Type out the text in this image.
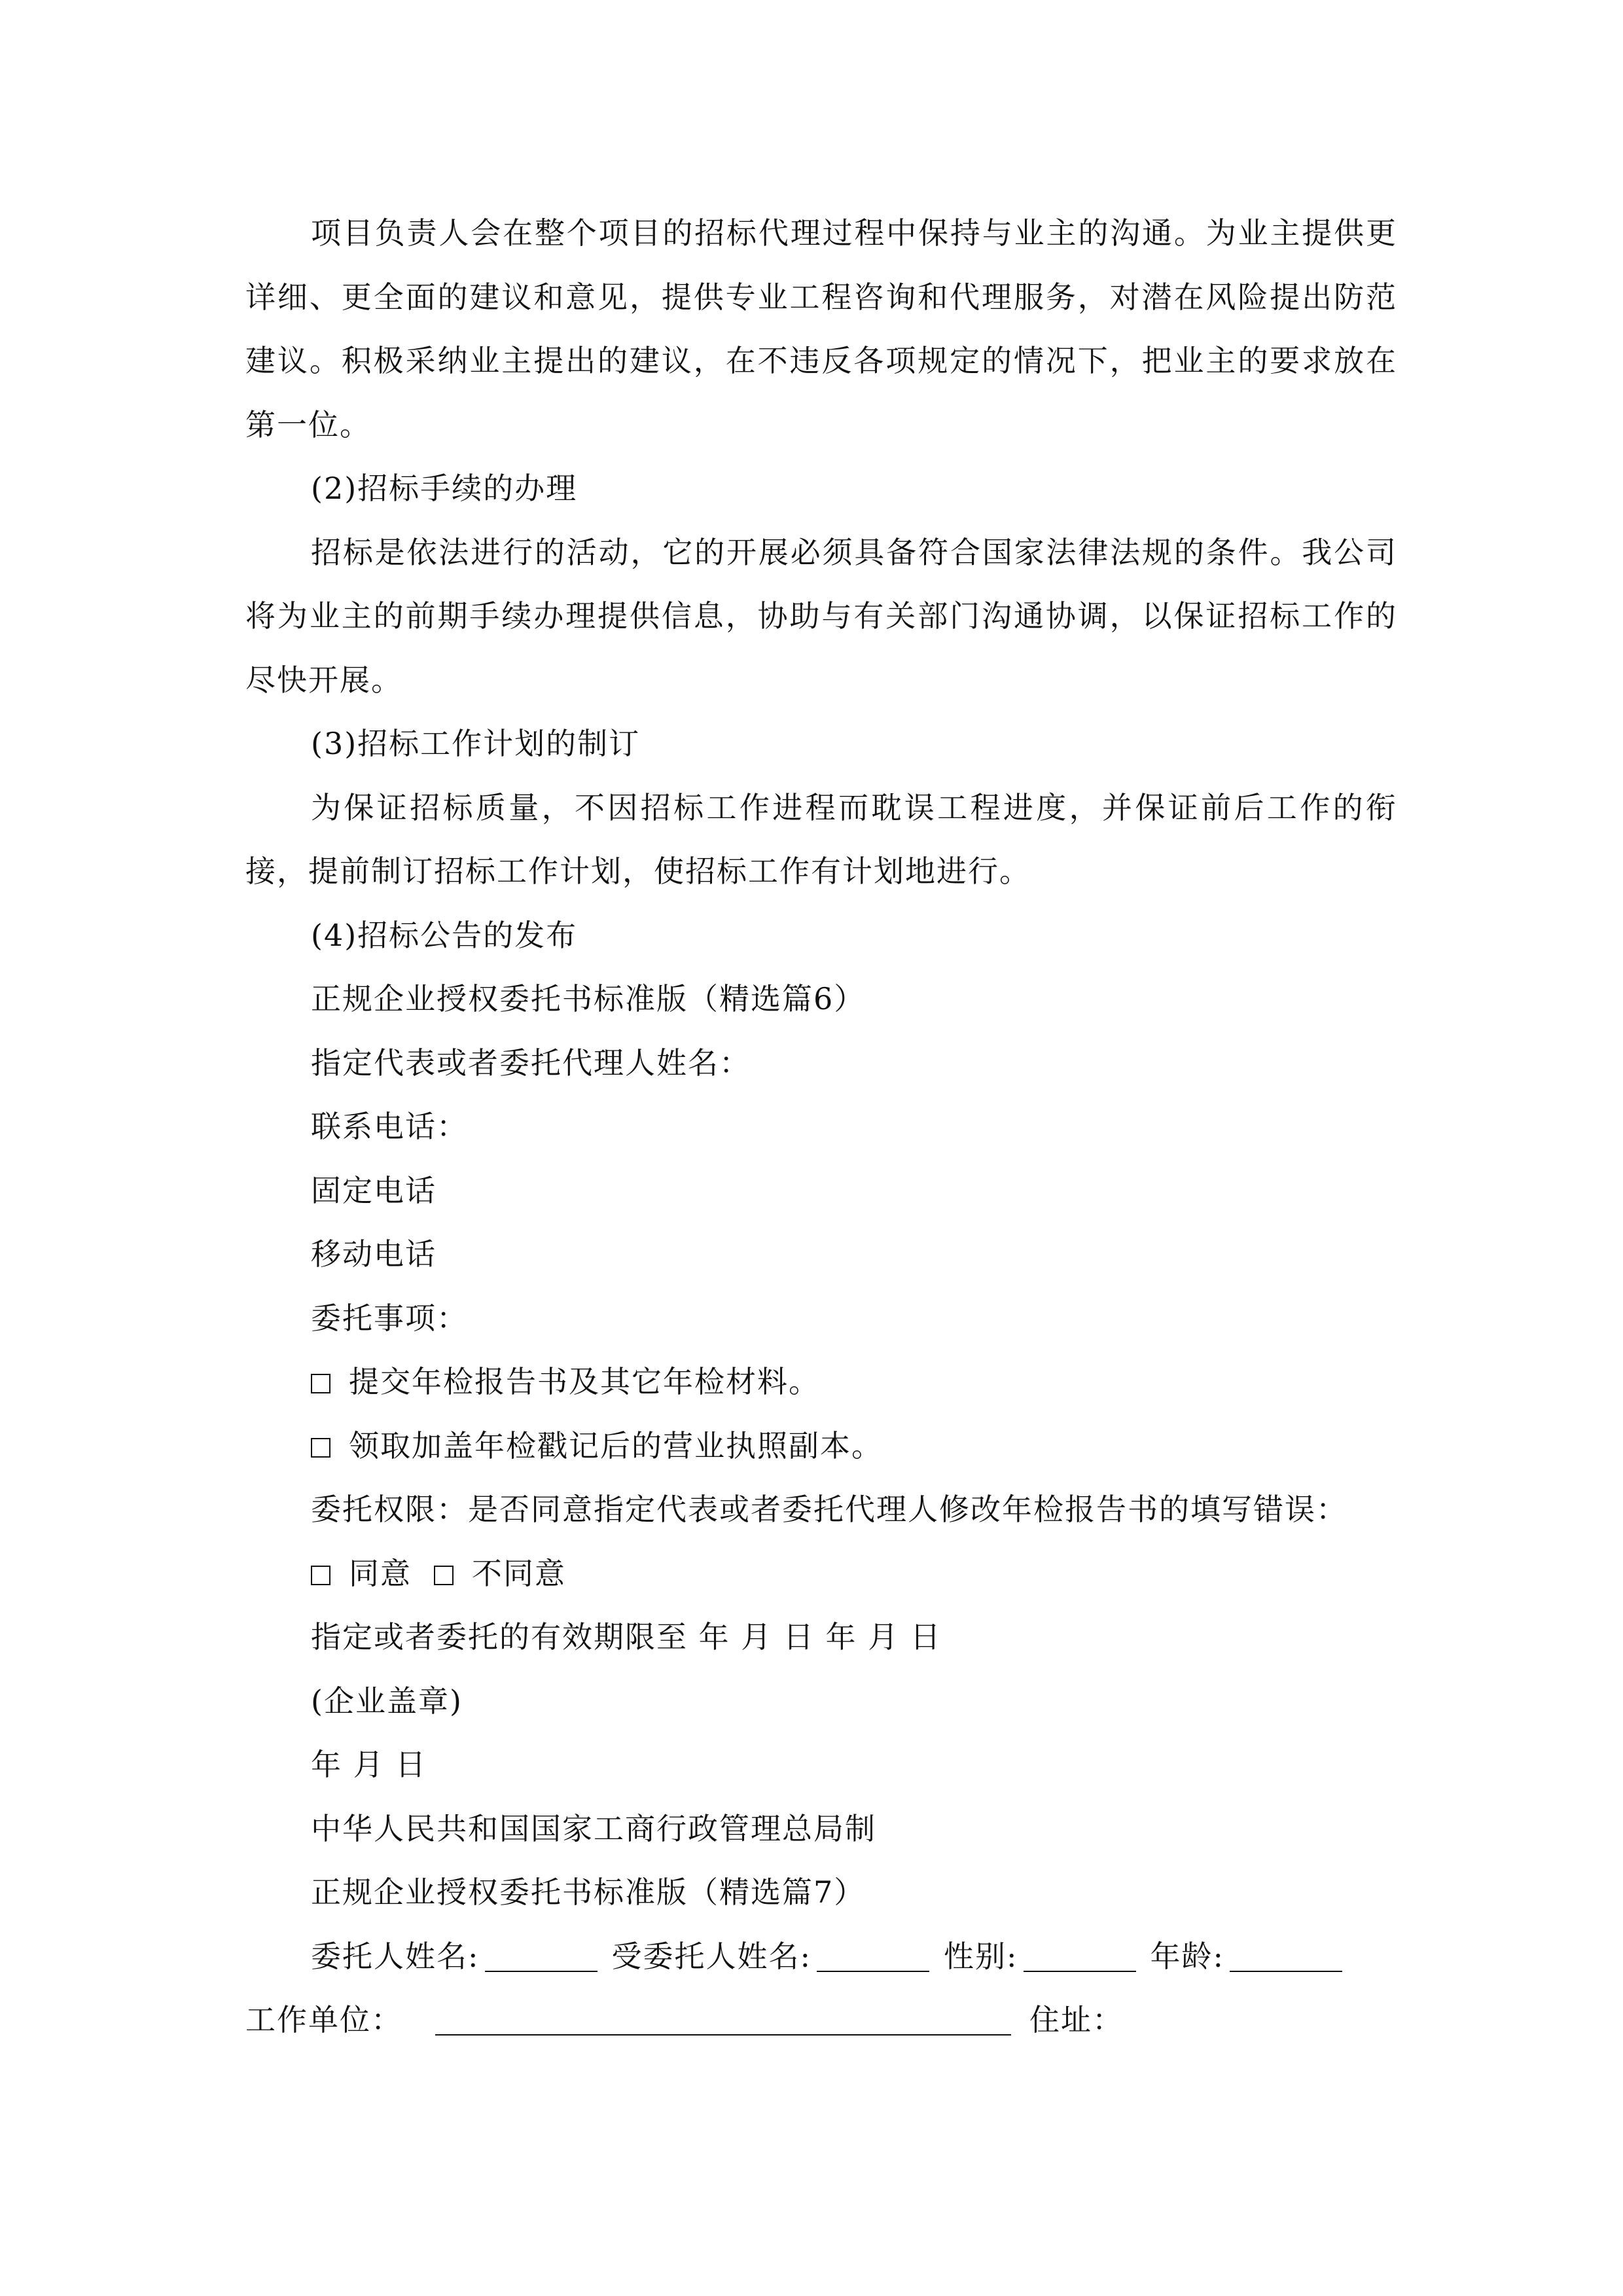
项目负责人会在整个项目的招标代理过程中保持与业主的沟通。为业主提供更详细、更全面的建议和意见，提供专业工程咨询和代理服务，对潜在风险提出防范建议。积极采纳业主提出的建议，在不违反各项规定的情况下，把业主的要求放在第一位。

(2)招标手续的办理

招标是依法进行的活动，它的开展必须具备符合国家法律法规的条件。我公司将为业主的前期手续办理提供信息，协助与有关部门沟通协调，以保证招标工作的尽快开展。

(3)招标工作计划的制订

为保证招标质量，不因招标工作进程而耽误工程进度，并保证前后工作的衔接，提前制订招标工作计划，使招标工作有计划地进行。

(4)招标公告的发布

正规企业授权委托书标准版（精选篇6）

指定代表或者委托代理人姓名：

联系电话：

固定电话

移动电话

委托事项：

提交年检报告书及其它年检材料。

领取加盖年检戳记后的营业执照副本。

委托权限：是否同意指定代表或者委托代理人修改年检报告书的填写错误：

同意 不同意

指定或者委托的有效期限至 年 月 日 年 月 日

(企业盖章)

年 月 日

中华人民共和国国家工商行政管理总局制

正规企业授权委托书标准版（精选篇7）

委托人姓名:	受委托人姓名:	性别:	年龄:

工作单位：	住址：
